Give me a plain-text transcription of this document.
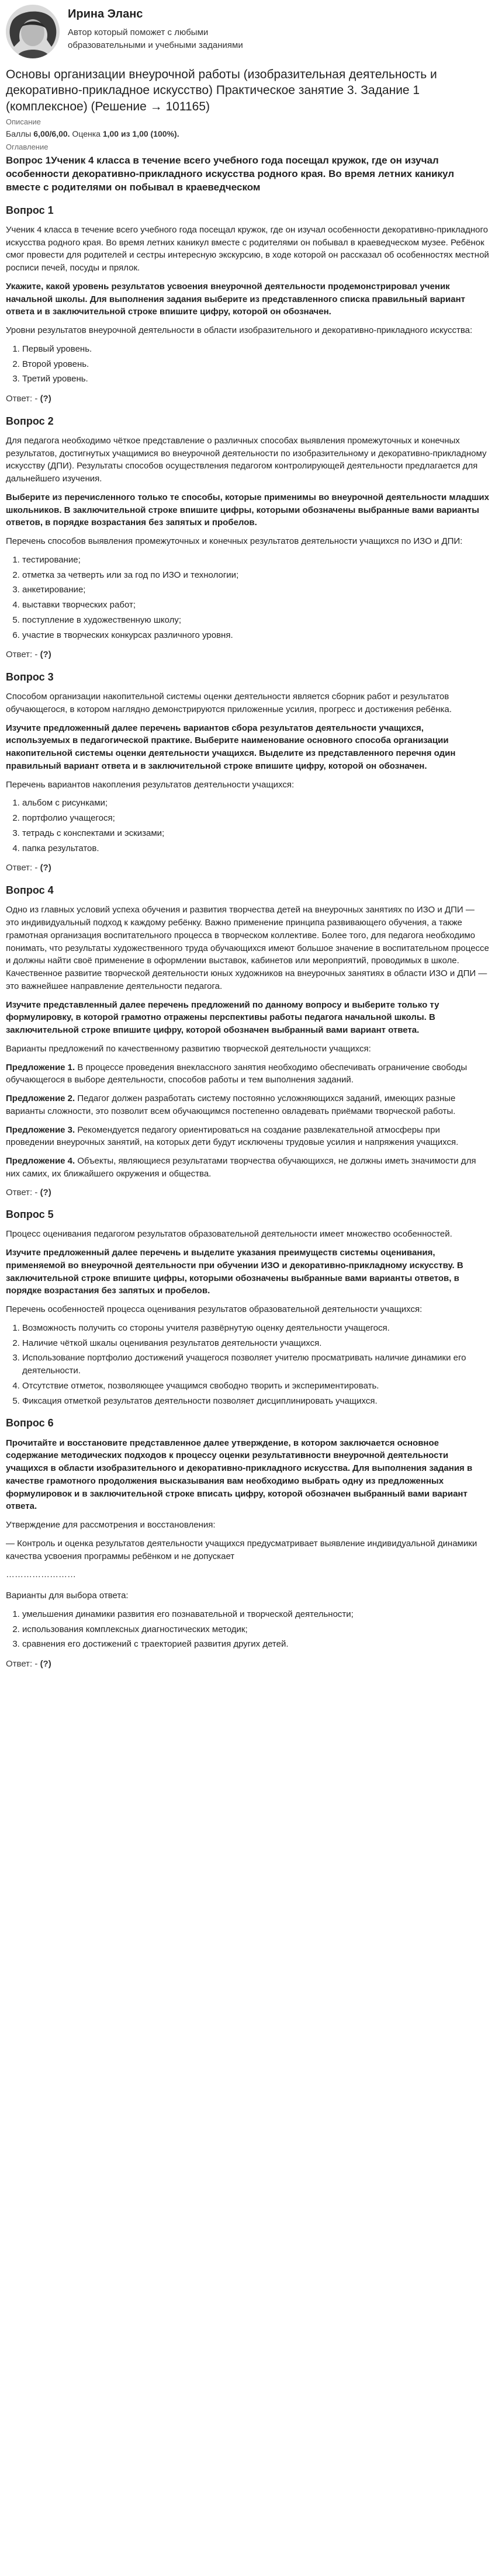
Ирина Эланс
Автор который поможет с любыми образовательными и учебными заданиями
Основы организации внеурочной работы (изобразительная деятельность и декоративно-прикладное искусство) Практическое занятие 3. Задание 1 (комплексное) (Решение → 101165)
Описание
Баллы 6,00/6,00. Оценка 1,00 из 1,00 (100%).
Оглавление
Вопрос 1Ученик 4 класса в течение всего учебного года посещал кружок, где он изучал особенности декоративно-прикладного искусства родного края. Во время летних каникул вместе с родителями он побывал в краеведческом
Вопрос 1

Ученик 4 класса в течение всего учебного года посещал кружок, где он изучал особенности декоративно-прикладного искусства родного края. Во время летних каникул вместе с родителями он побывал в краеведческом музее. Ребёнок смог провести для родителей и сестры интересную экскурсию, в ходе которой он рассказал об особенностях местной росписи печей, посуды и прялок.

Укажите, какой уровень результатов усвоения внеурочной деятельности продемонстрировал ученик начальной школы. Для выполнения задания выберите из представленного списка правильный вариант ответа и в заключительной строке впишите цифру, которой он обозначен.

Уровни результатов внеурочной деятельности в области изобразительного и декоративно-прикладного искусства:

1. Первый уровень.
2. Второй уровень.
3. Третий уровень.
Ответ: - (?)
Вопрос 2

Для педагога необходимо чёткое представление о различных способах выявления промежуточных и конечных результатов, достигнутых учащимися во внеурочной деятельности по изобразительному и декоративно-прикладному искусству (ДПИ). Результаты способов осуществления педагогом контролирующей деятельности предлагается для дальнейшего изучения.

Выберите из перечисленного только те способы, которые применимы во внеурочной деятельности младших школьников. В заключительной строке впишите цифры, которыми обозначены выбранные вами варианты ответов, в порядке возрастания без запятых и пробелов.

Перечень способов выявления промежуточных и конечных результатов деятельности учащихся по ИЗО и ДПИ:

1. тестирование;
2. отметка за четверть или за год по ИЗО и технологии;
3. анкетирование;
4. выставки творческих работ;
5. поступление в художественную школу;
6. участие в творческих конкурсах различного уровня.
Ответ: - (?)
Вопрос 3

Способом организации накопительной системы оценки деятельности является сборник работ и результатов обучающегося, в котором наглядно демонстрируются приложенные усилия, прогресс и достижения ребёнка.

Изучите предложенный далее перечень вариантов сбора результатов деятельности учащихся, используемых в педагогической практике. Выберите наименование основного способа организации накопительной системы оценки деятельности учащихся. Выделите из представленного перечня один правильный вариант ответа и в заключительной строке впишите цифру, которой он обозначен.

Перечень вариантов накопления результатов деятельности учащихся:

1. альбом с рисунками;
2. портфолио учащегося;
3. тетрадь с конспектами и эскизами;
4. папка результатов.
Ответ: - (?)
Вопрос 4

Одно из главных условий успеха обучения и развития творчества детей на внеурочных занятиях по ИЗО и ДПИ — это индивидуальный подход к каждому ребёнку. Важно применение принципа развивающего обучения, а также грамотная организация воспитательного процесса в творческом коллективе. Более того, для педагога необходимо понимать, что результаты художественного труда обучающихся имеют большое значение в воспитательном процессе и должны найти своё применение в оформлении выставок, кабинетов или мероприятий, проводимых в школе. Качественное развитие творческой деятельности юных художников на внеурочных занятиях в области ИЗО и ДПИ — это важнейшее направление деятельности педагога.

Изучите представленный далее перечень предложений по данному вопросу и выберите только ту формулировку, в которой грамотно отражены перспективы работы педагога начальной школы. В заключительной строке впишите цифру, которой обозначен выбранный вами вариант ответа.

Варианты предложений по качественному развитию творческой деятельности учащихся:

Предложение 1. В процессе проведения внеклассного занятия необходимо обеспечивать ограничение свободы обучающегося в выборе деятельности, способов работы и тем выполнения заданий.

Предложение 2. Педагог должен разработать систему постоянно усложняющихся заданий, имеющих разные варианты сложности, это позволит всем обучающимся постепенно овладевать приёмами творческой работы.

Предложение 3. Рекомендуется педагогу ориентироваться на создание развлекательной атмосферы при проведении внеурочных занятий, на которых дети будут исключены трудовые усилия и напряжения учащихся.

Предложение 4. Объекты, являющиеся результатами творчества обучающихся, не должны иметь значимости для них самих, их ближайшего окружения и общества.

Ответ: - (?)
Вопрос 5

Процесс оценивания педагогом результатов образовательной деятельности имеет множество особенностей.

Изучите предложенный далее перечень и выделите указания преимуществ системы оценивания, применяемой во внеурочной деятельности при обучении ИЗО и декоративно-прикладному искусству. В заключительной строке впишите цифры, которыми обозначены выбранные вами варианты ответов, в порядке возрастания без запятых и пробелов.

Перечень особенностей процесса оценивания результатов образовательной деятельности учащихся:

1. Возможность получить со стороны учителя развёрнутую оценку деятельности учащегося.
2. Наличие чёткой шкалы оценивания результатов деятельности учащихся.
3. Использование портфолио достижений учащегося позволяет учителю просматривать наличие динамики его деятельности.
4. Отсутствие отметок, позволяющее учащимся свободно творить и экспериментировать.
5. Фиксация отметкой результатов деятельности позволяет дисциплинировать учащихся.
Вопрос 6

Прочитайте и восстановите представленное далее утверждение, в котором заключается основное содержание методических подходов к процессу оценки результативности внеурочной деятельности учащихся в области изобразительного и декоративно-прикладного искусства. Для выполнения задания в качестве грамотного продолжения высказывания вам необходимо выбрать одну из предложенных формулировок и в заключительной строке вписать цифру, которой обозначен выбранный вами вариант ответа.

Утверждение для рассмотрения и восстановления:

— Контроль и оценка результатов деятельности учащихся предусматривает выявление индивидуальной динамики качества усвоения программы ребёнком и не допускает

……………………

Варианты для выбора ответа:

1. умельшения динамики развития его познавательной и творческой деятельности;
2. использования комплексных диагностических методик;
3. сравнения его достижений с траекторией развития других детей.
Ответ: - (?)
